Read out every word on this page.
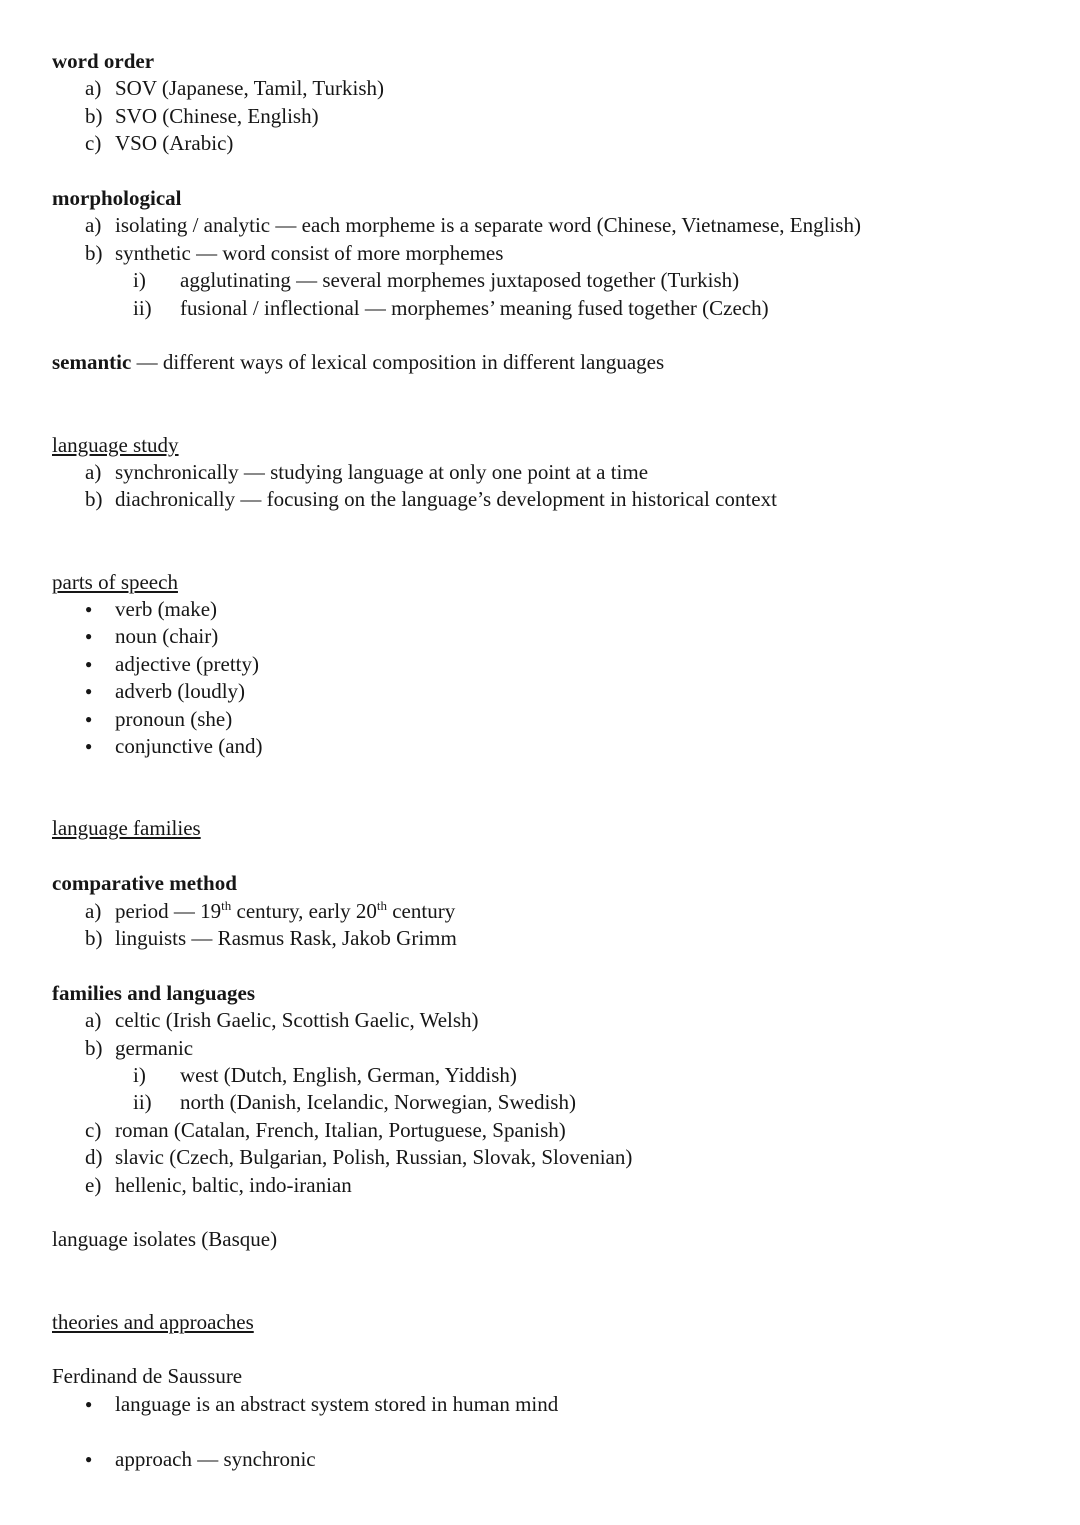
word order
a) SOV (Japanese, Tamil, Turkish)
b) SVO (Chinese, English)
c) VSO (Arabic)
morphological
a) isolating / analytic — each morpheme is a separate word (Chinese, Vietnamese, English)
b) synthetic — word consist of more morphemes
i)	agglutinating — several morphemes juxtaposed together (Turkish)
ii)	fusional / inflectional — morphemes’ meaning fused together (Czech)
semantic — different ways of lexical composition in different languages
language study
a) synchronically — studying language at only one point at a time
b) diachronically — focusing on the language’s development in historical context
parts of speech
●	verb (make)
●	noun (chair)
●	adjective (pretty)
●	adverb (loudly)
●	pronoun (she)
●	conjunctive (and)
language families
comparative method
a) period — 19th century, early 20th century
b) linguists — Rasmus Rask, Jakob Grimm
families and languages
a) celtic (Irish Gaelic, Scottish Gaelic, Welsh)
b) germanic
i)	west (Dutch, English, German, Yiddish)
ii)	north (Danish, Icelandic, Norwegian, Swedish)
c) roman (Catalan, French, Italian, Portuguese, Spanish)
d) slavic (Czech, Bulgarian, Polish, Russian, Slovak, Slovenian)
e) hellenic, baltic, indo-iranian
language isolates (Basque)
theories and approaches
Ferdinand de Saussure
●	language is an abstract system stored in human mind
●	approach — synchronic
